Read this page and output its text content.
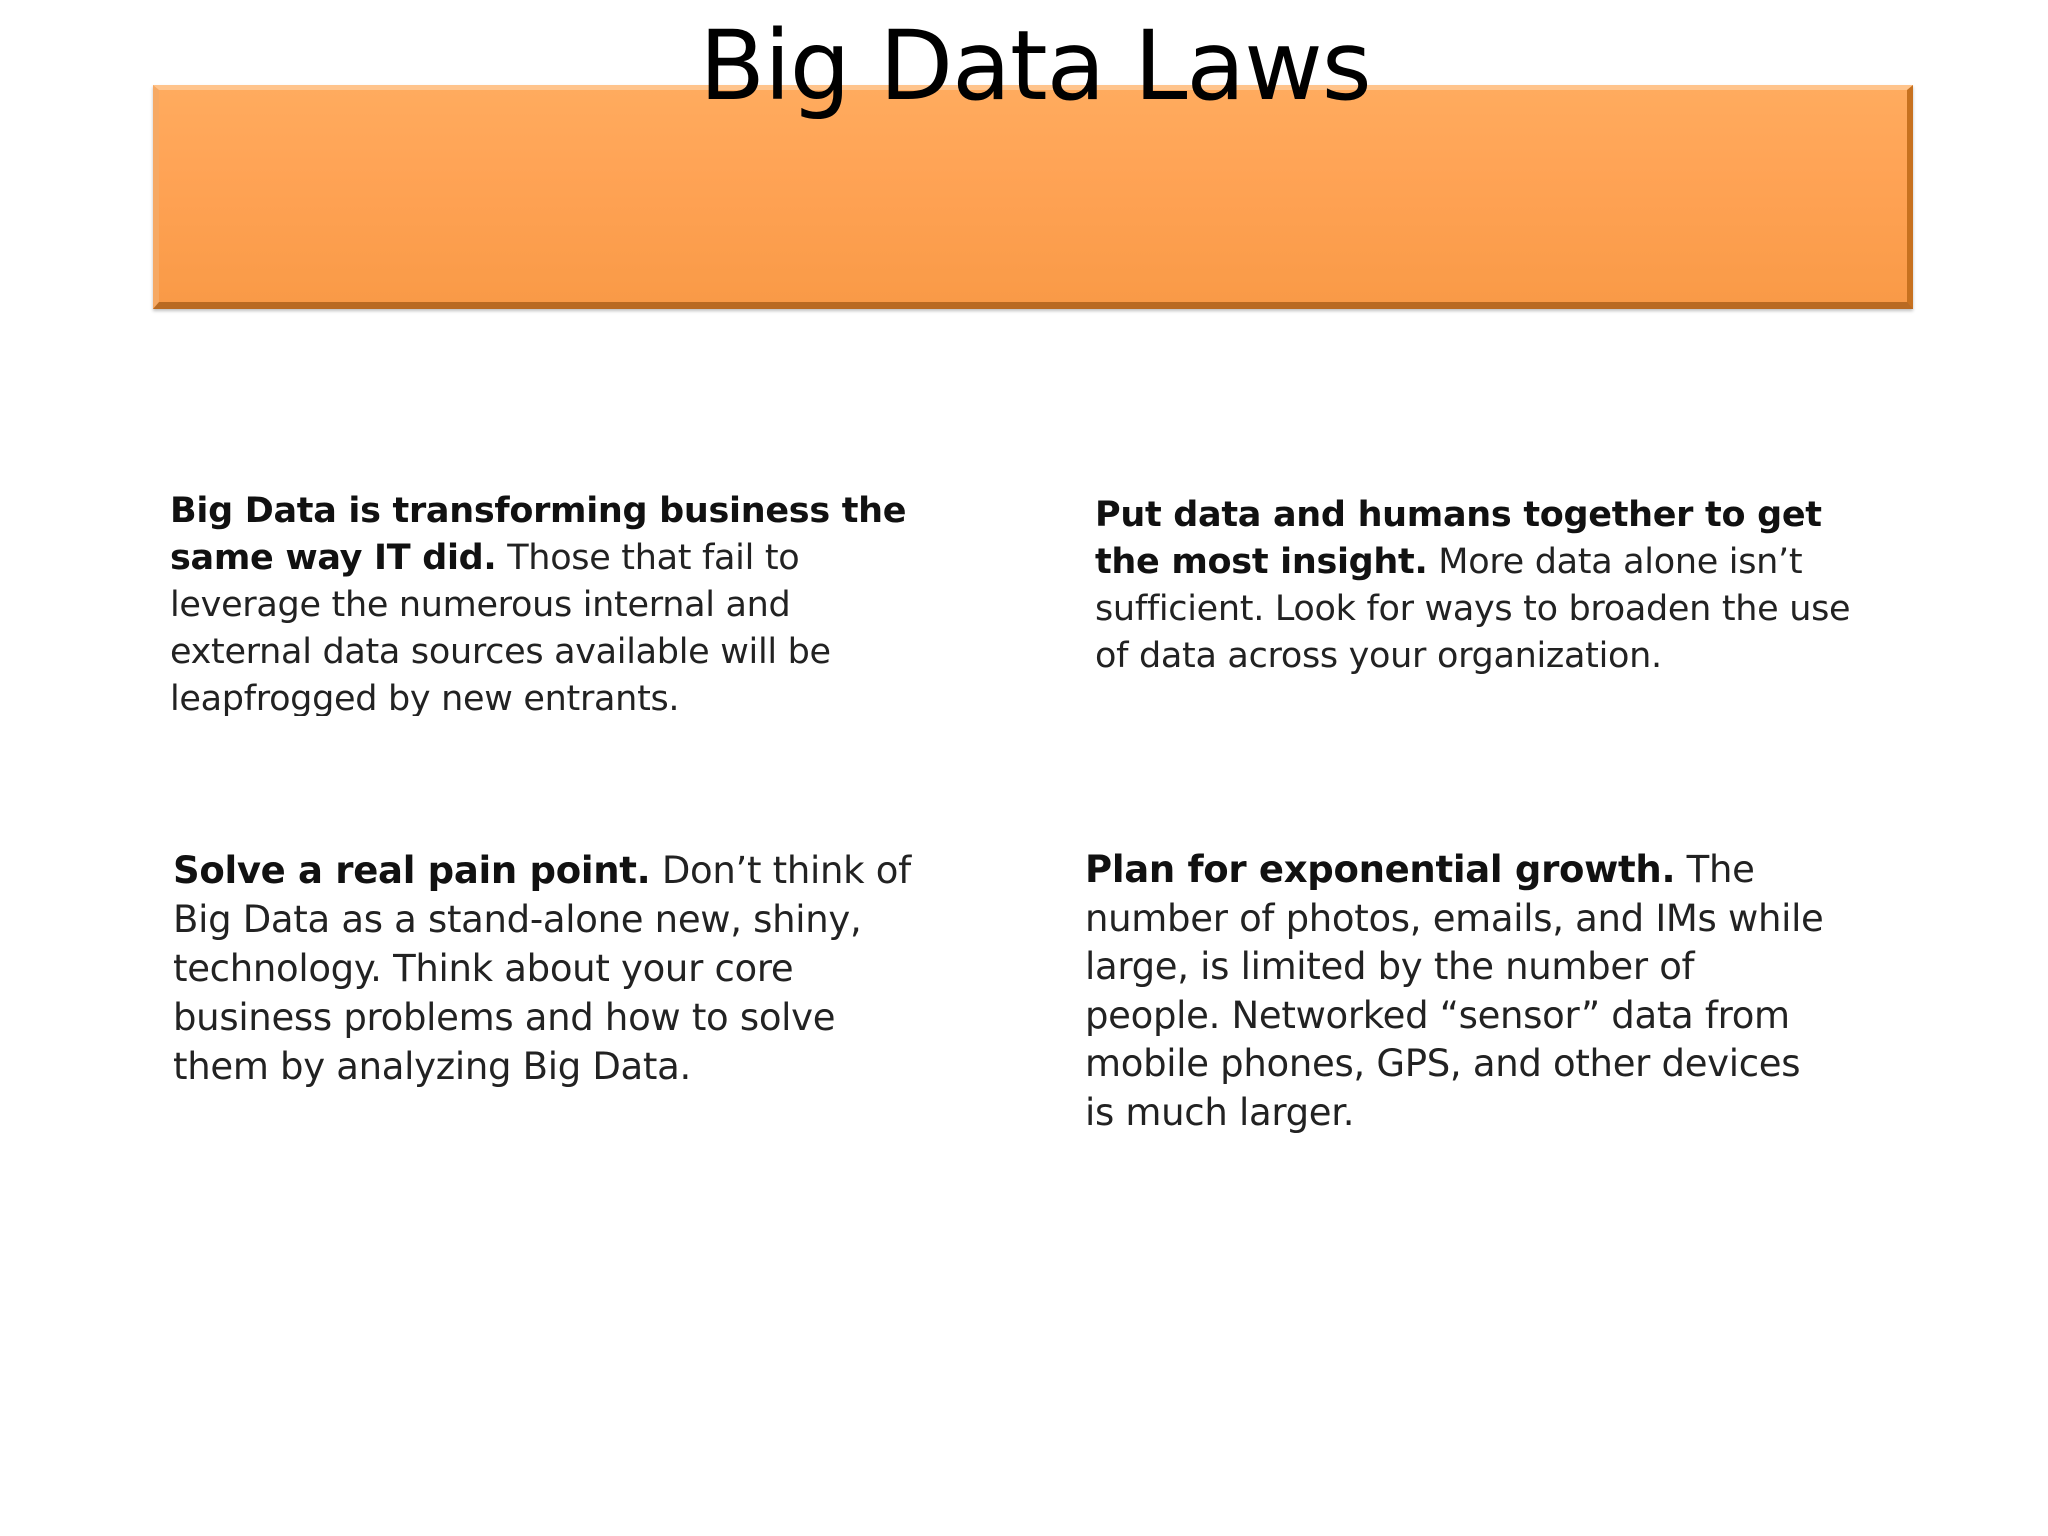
Big Data Laws
Big Data is transforming business the same way IT did. Those that fail to leverage the numerous internal and external data sources available will be leapfrogged by new entrants.
Put data and humans together to get the most insight. More data alone isn’t sufficient. Look for ways to broaden the use of data across your organization.
Solve a real pain point. Don’t think of Big Data as a stand-alone new, shiny, technology. Think about your core business problems and how to solve them by analyzing Big Data.
Plan for exponential growth. The number of photos, emails, and IMs while large, is limited by the number of people. Networked “sensor” data from mobile phones, GPS, and other devices is much larger.
